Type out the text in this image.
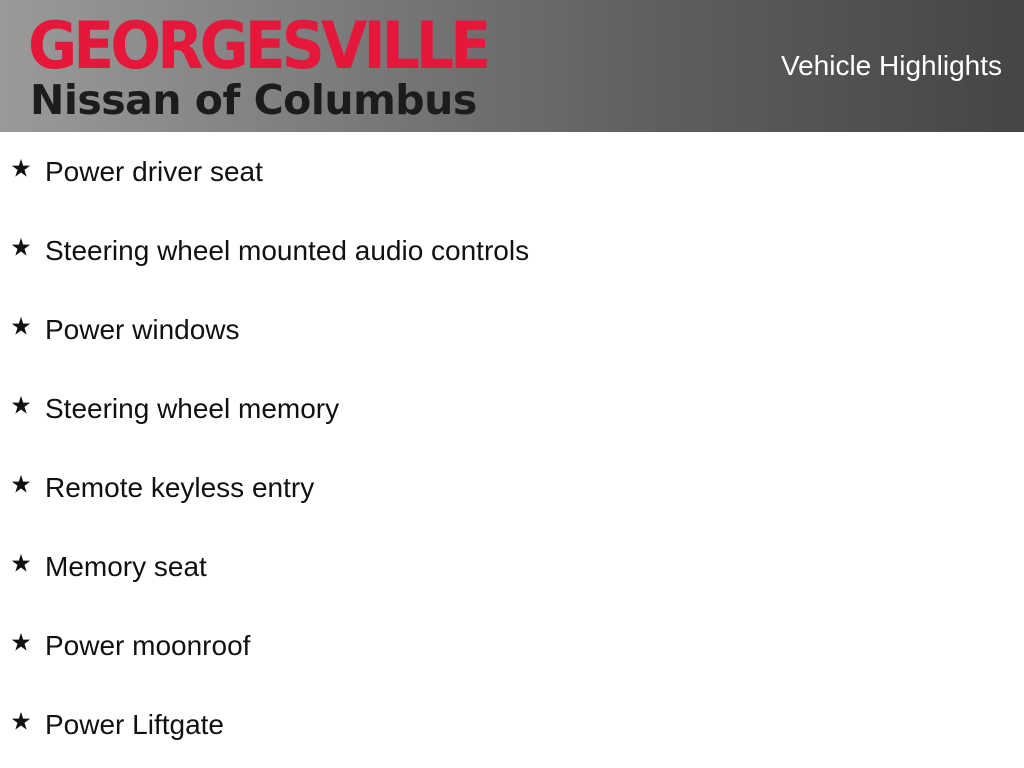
GEORGESVILLE
Nissan of Columbus
Vehicle Highlights
Power driver seat
Steering wheel mounted audio controls
Power windows
Steering wheel memory
Remote keyless entry
Memory seat
Power moonroof
Power Liftgate
